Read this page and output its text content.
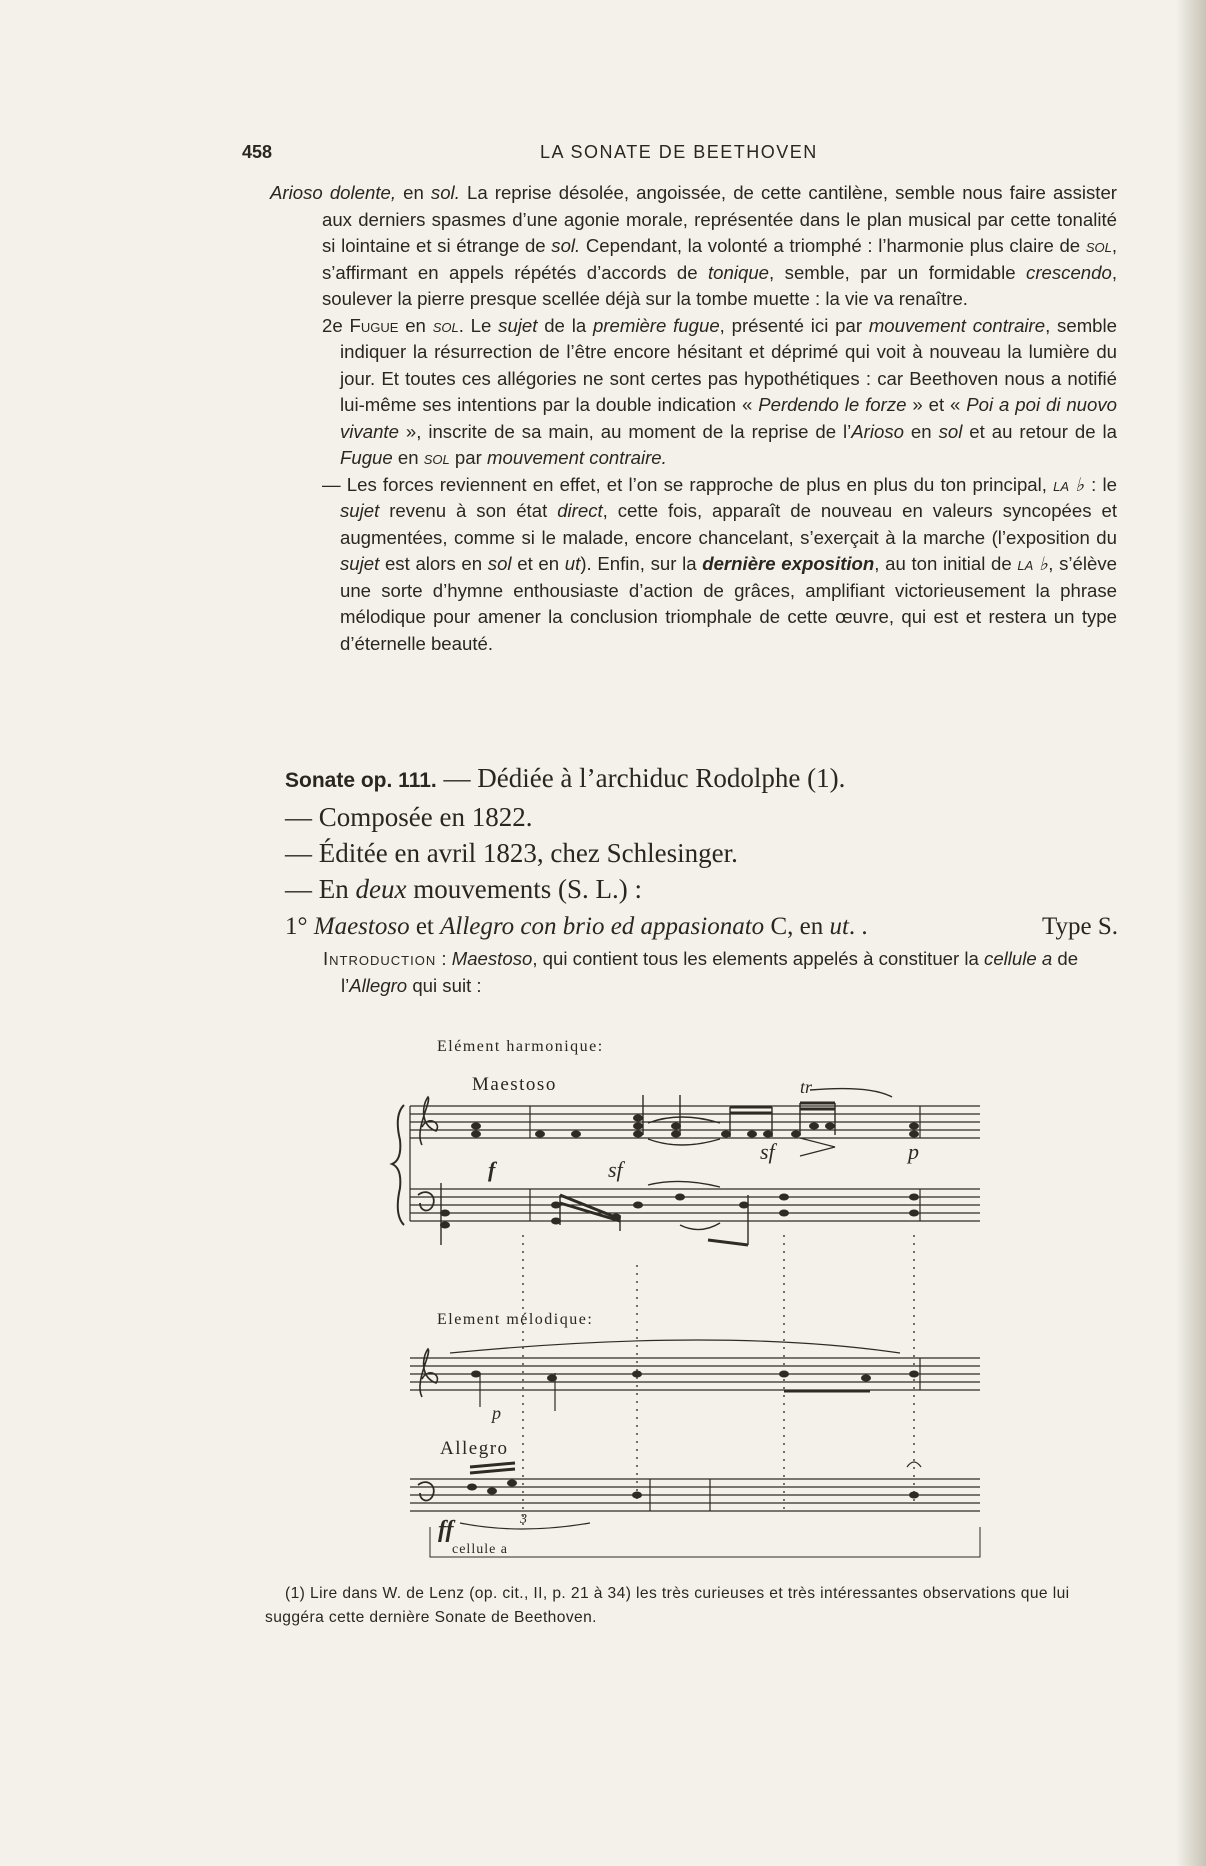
458	LA SONATE DE BEETHOVEN

Arioso dolente, en sol. La reprise désolée, angoissée, de cette cantilène, semble nous faire assister aux derniers spasmes d’une agonie morale, représentée dans le plan musical par cette tonalité si lointaine et si étrange de sol. Cependant, la volonté a triomphé : l’harmonie plus claire de sol, s’affirmant en appels répétés d’accords de tonique, semble, par un formidable crescendo, soulever la pierre presque scellée déjà sur la tombe muette : la vie va renaître.

2e Fugue en sol. Le sujet de la première fugue, présenté ici par mouvement contraire, semble indiquer la résurrection de l’être encore hésitant et déprimé qui voit à nouveau la lumière du jour. Et toutes ces allégories ne sont certes pas hypothétiques : car Beethoven nous a notifié lui-même ses intentions par la double indication « Perdendo le forze » et « Poi a poi di nuovo vivante », inscrite de sa main, au moment de la reprise de l’Arioso en sol et au retour de la Fugue en sol par mouvement contraire.

— Les forces reviennent en effet, et l’on se rapproche de plus en plus du ton principal, la ♭ : le sujet revenu à son état direct, cette fois, apparaît de nouveau en valeurs syncopées et augmentées, comme si le malade, encore chancelant, s’exerçait à la marche (l’exposition du sujet est alors en sol et en ut). Enfin, sur la dernière exposition, au ton initial de la ♭, s’élève une sorte d’hymne enthousiaste d’action de grâces, amplifiant victorieusement la phrase mélodique pour amener la conclusion triomphale de cette œuvre, qui est et restera un type d’éternelle beauté.

Sonate op. 111. — Dédiée à l’archiduc Rodolphe (1).
— Composée en 1822.
— Éditée en avril 1823, chez Schlesinger.
— En deux mouvements (S. L.) :
1° Maestoso et Allegro con brio ed appasionato C, en ut. .	Type S.
Introduction : Maestoso, qui contient tous les elements appelés à constituer la cellule a de l’Allegro qui suit :
Elément harmonique:
Maestoso
Element mélodique:
Allegro
f	sf
sf	p
p
ff
tr
3
cellule a

(1) Lire dans W. de Lenz (op. cit., II, p. 21 à 34) les très curieuses et très intéressantes observations que lui suggéra cette dernière Sonate de Beethoven.
